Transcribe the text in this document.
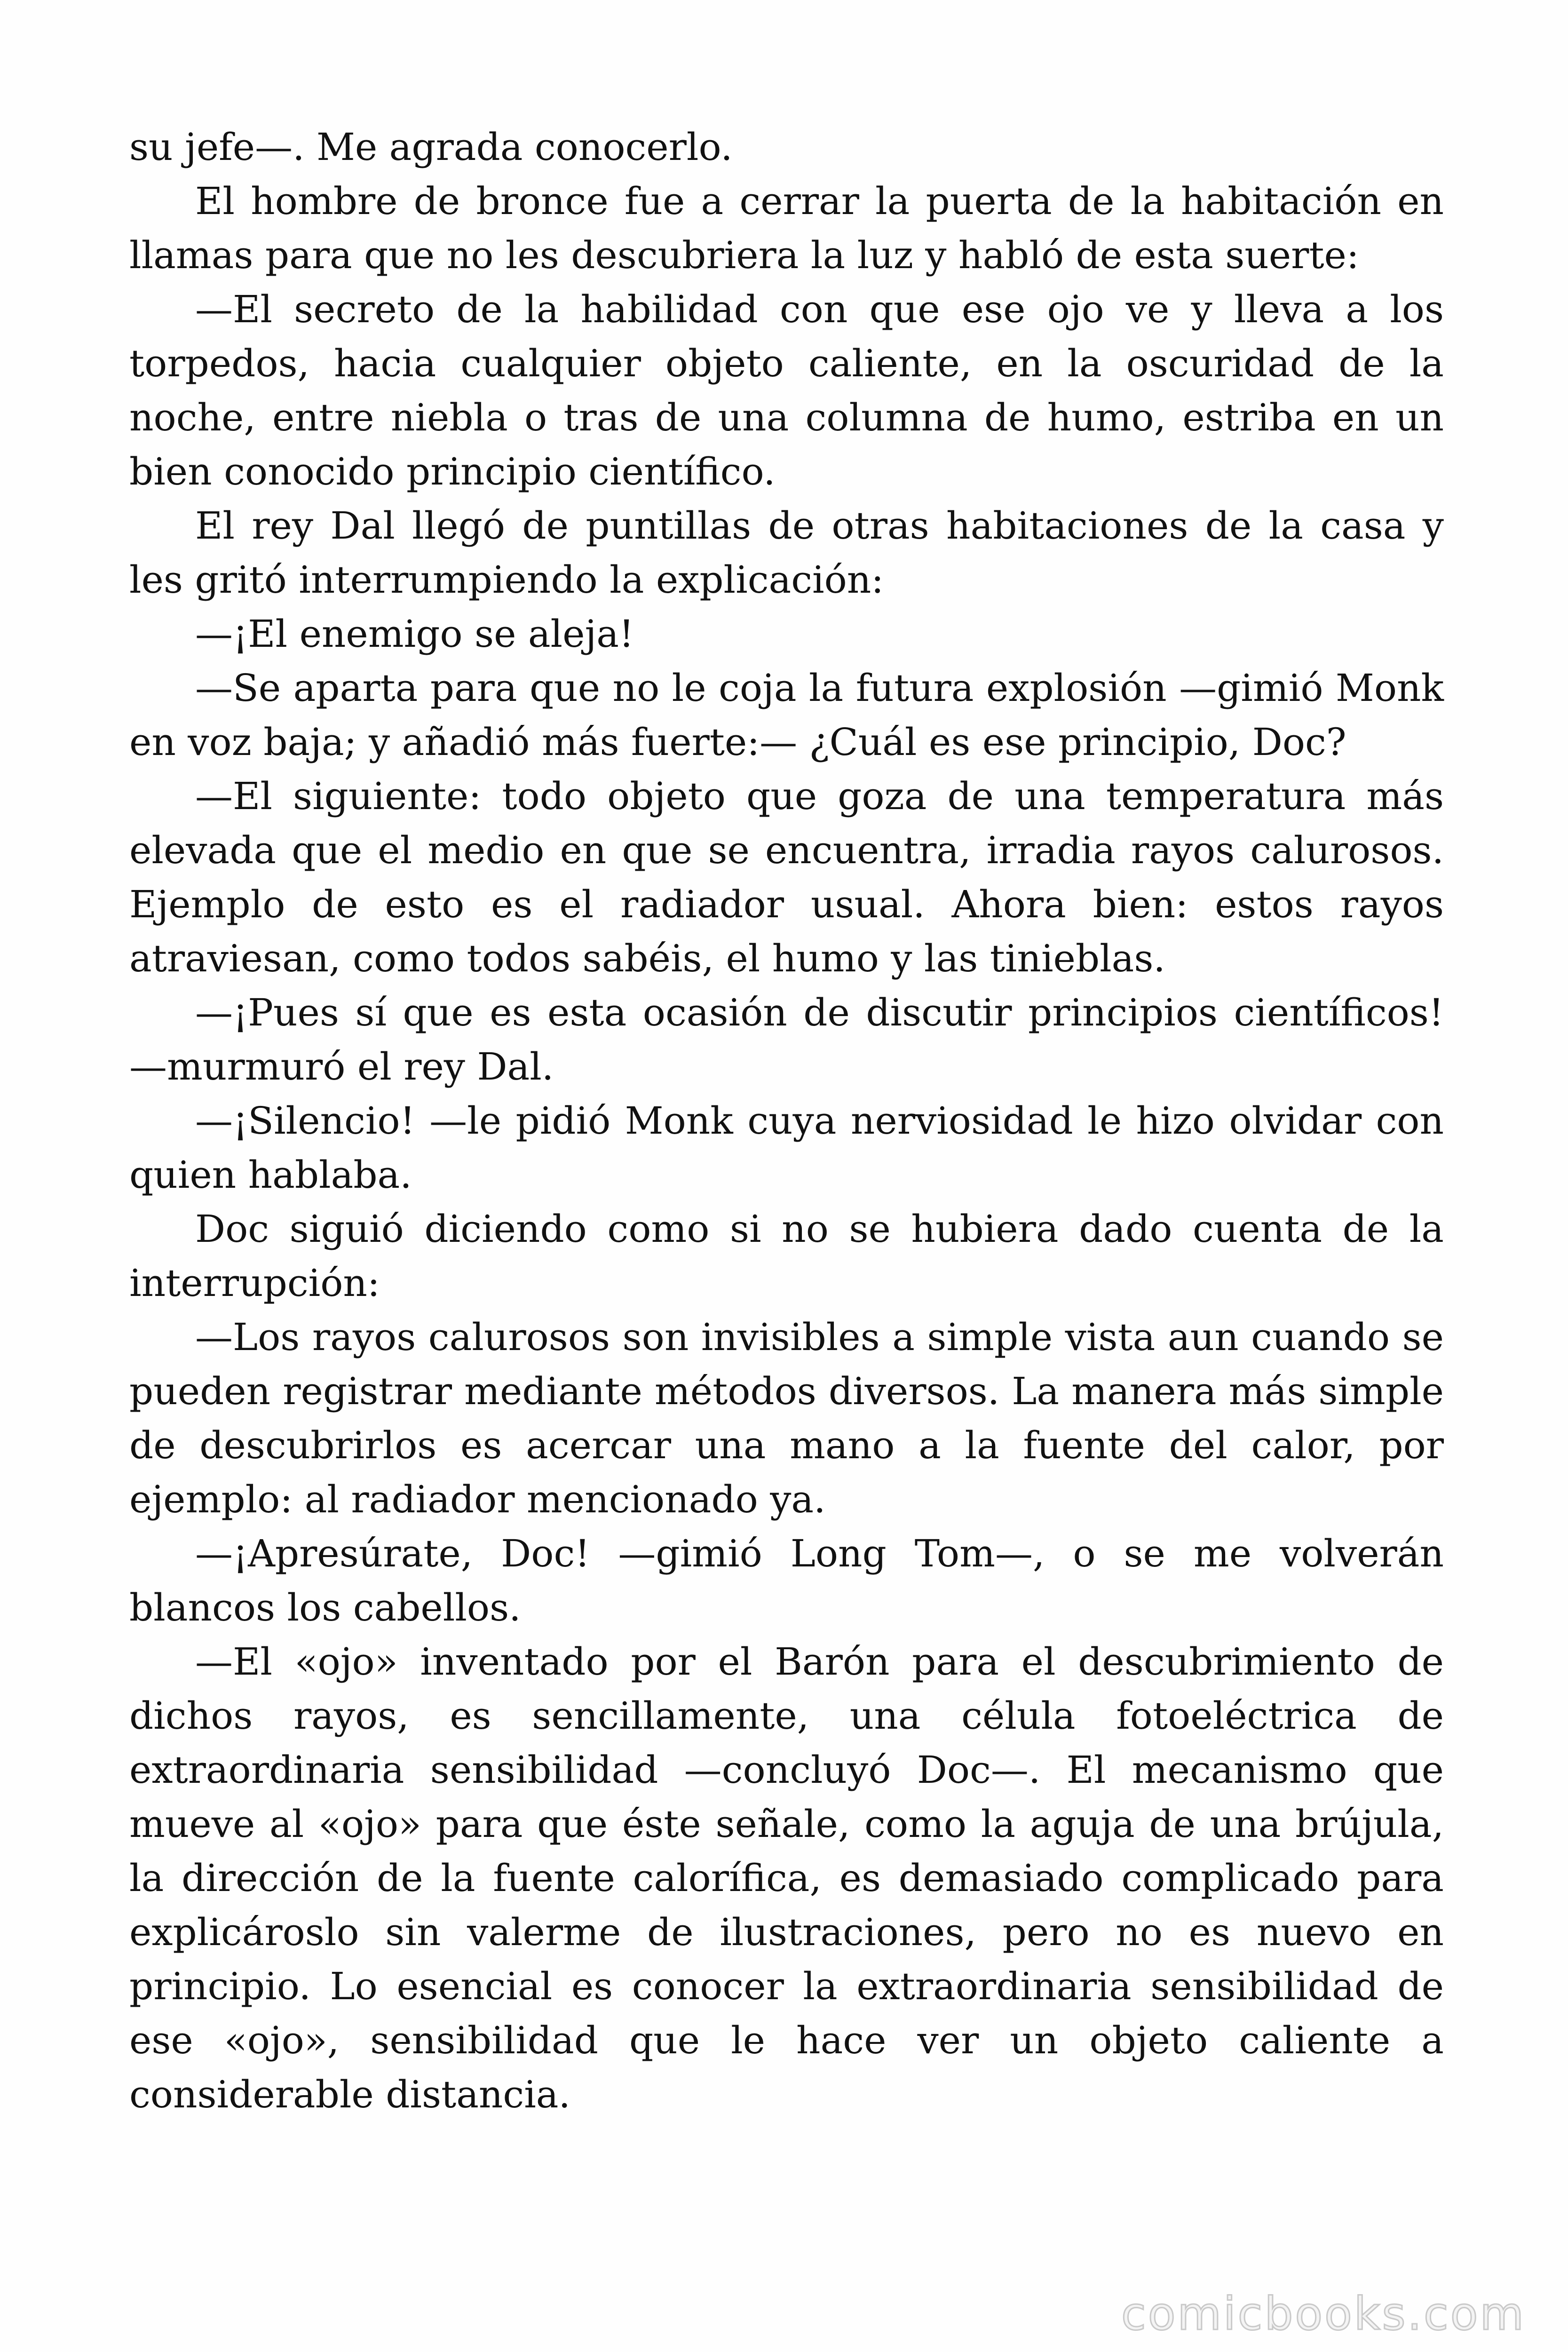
su jefe—. Me agrada conocerlo.

El hombre de bronce fue a cerrar la puerta de la habitación en llamas para que no les descubriera la luz y habló de esta suerte:

—El secreto de la habilidad con que ese ojo ve y lleva a los torpedos, hacia cualquier objeto caliente, en la oscuridad de la noche, entre niebla o tras de una columna de humo, estriba en un bien conocido principio científico.

El rey Dal llegó de puntillas de otras habitaciones de la casa y les gritó interrumpiendo la explicación:

—¡El enemigo se aleja!

—Se aparta para que no le coja la futura explosión —gimió Monk en voz baja; y añadió más fuerte:— ¿Cuál es ese principio, Doc?

—El siguiente: todo objeto que goza de una temperatura más elevada que el medio en que se encuentra, irradia rayos calurosos. Ejemplo de esto es el radiador usual. Ahora bien: estos rayos atraviesan, como todos sabéis, el humo y las tinieblas.

—¡Pues sí que es esta ocasión de discutir principios científicos! —murmuró el rey Dal.

—¡Silencio! —le pidió Monk cuya nerviosidad le hizo olvidar con quien hablaba.

Doc siguió diciendo como si no se hubiera dado cuenta de la interrupción:

—Los rayos calurosos son invisibles a simple vista aun cuando se pueden registrar mediante métodos diversos. La manera más simple de descubrirlos es acercar una mano a la fuente del calor, por ejemplo: al radiador mencionado ya.

—¡Apresúrate, Doc! —gimió Long Tom—, o se me volverán blancos los cabellos.

—El «ojo» inventado por el Barón para el descubrimiento de dichos rayos, es sencillamente, una célula fotoeléctrica de extraordinaria sensibilidad —concluyó Doc—. El mecanismo que mueve al «ojo» para que éste señale, como la aguja de una brújula, la dirección de la fuente calorífica, es demasiado complicado para explicároslo sin valerme de ilustraciones, pero no es nuevo en principio. Lo esencial es conocer la extraordinaria sensibilidad de ese «ojo», sensibilidad que le hace ver un objeto caliente a considerable distancia.

comicbooks.com
